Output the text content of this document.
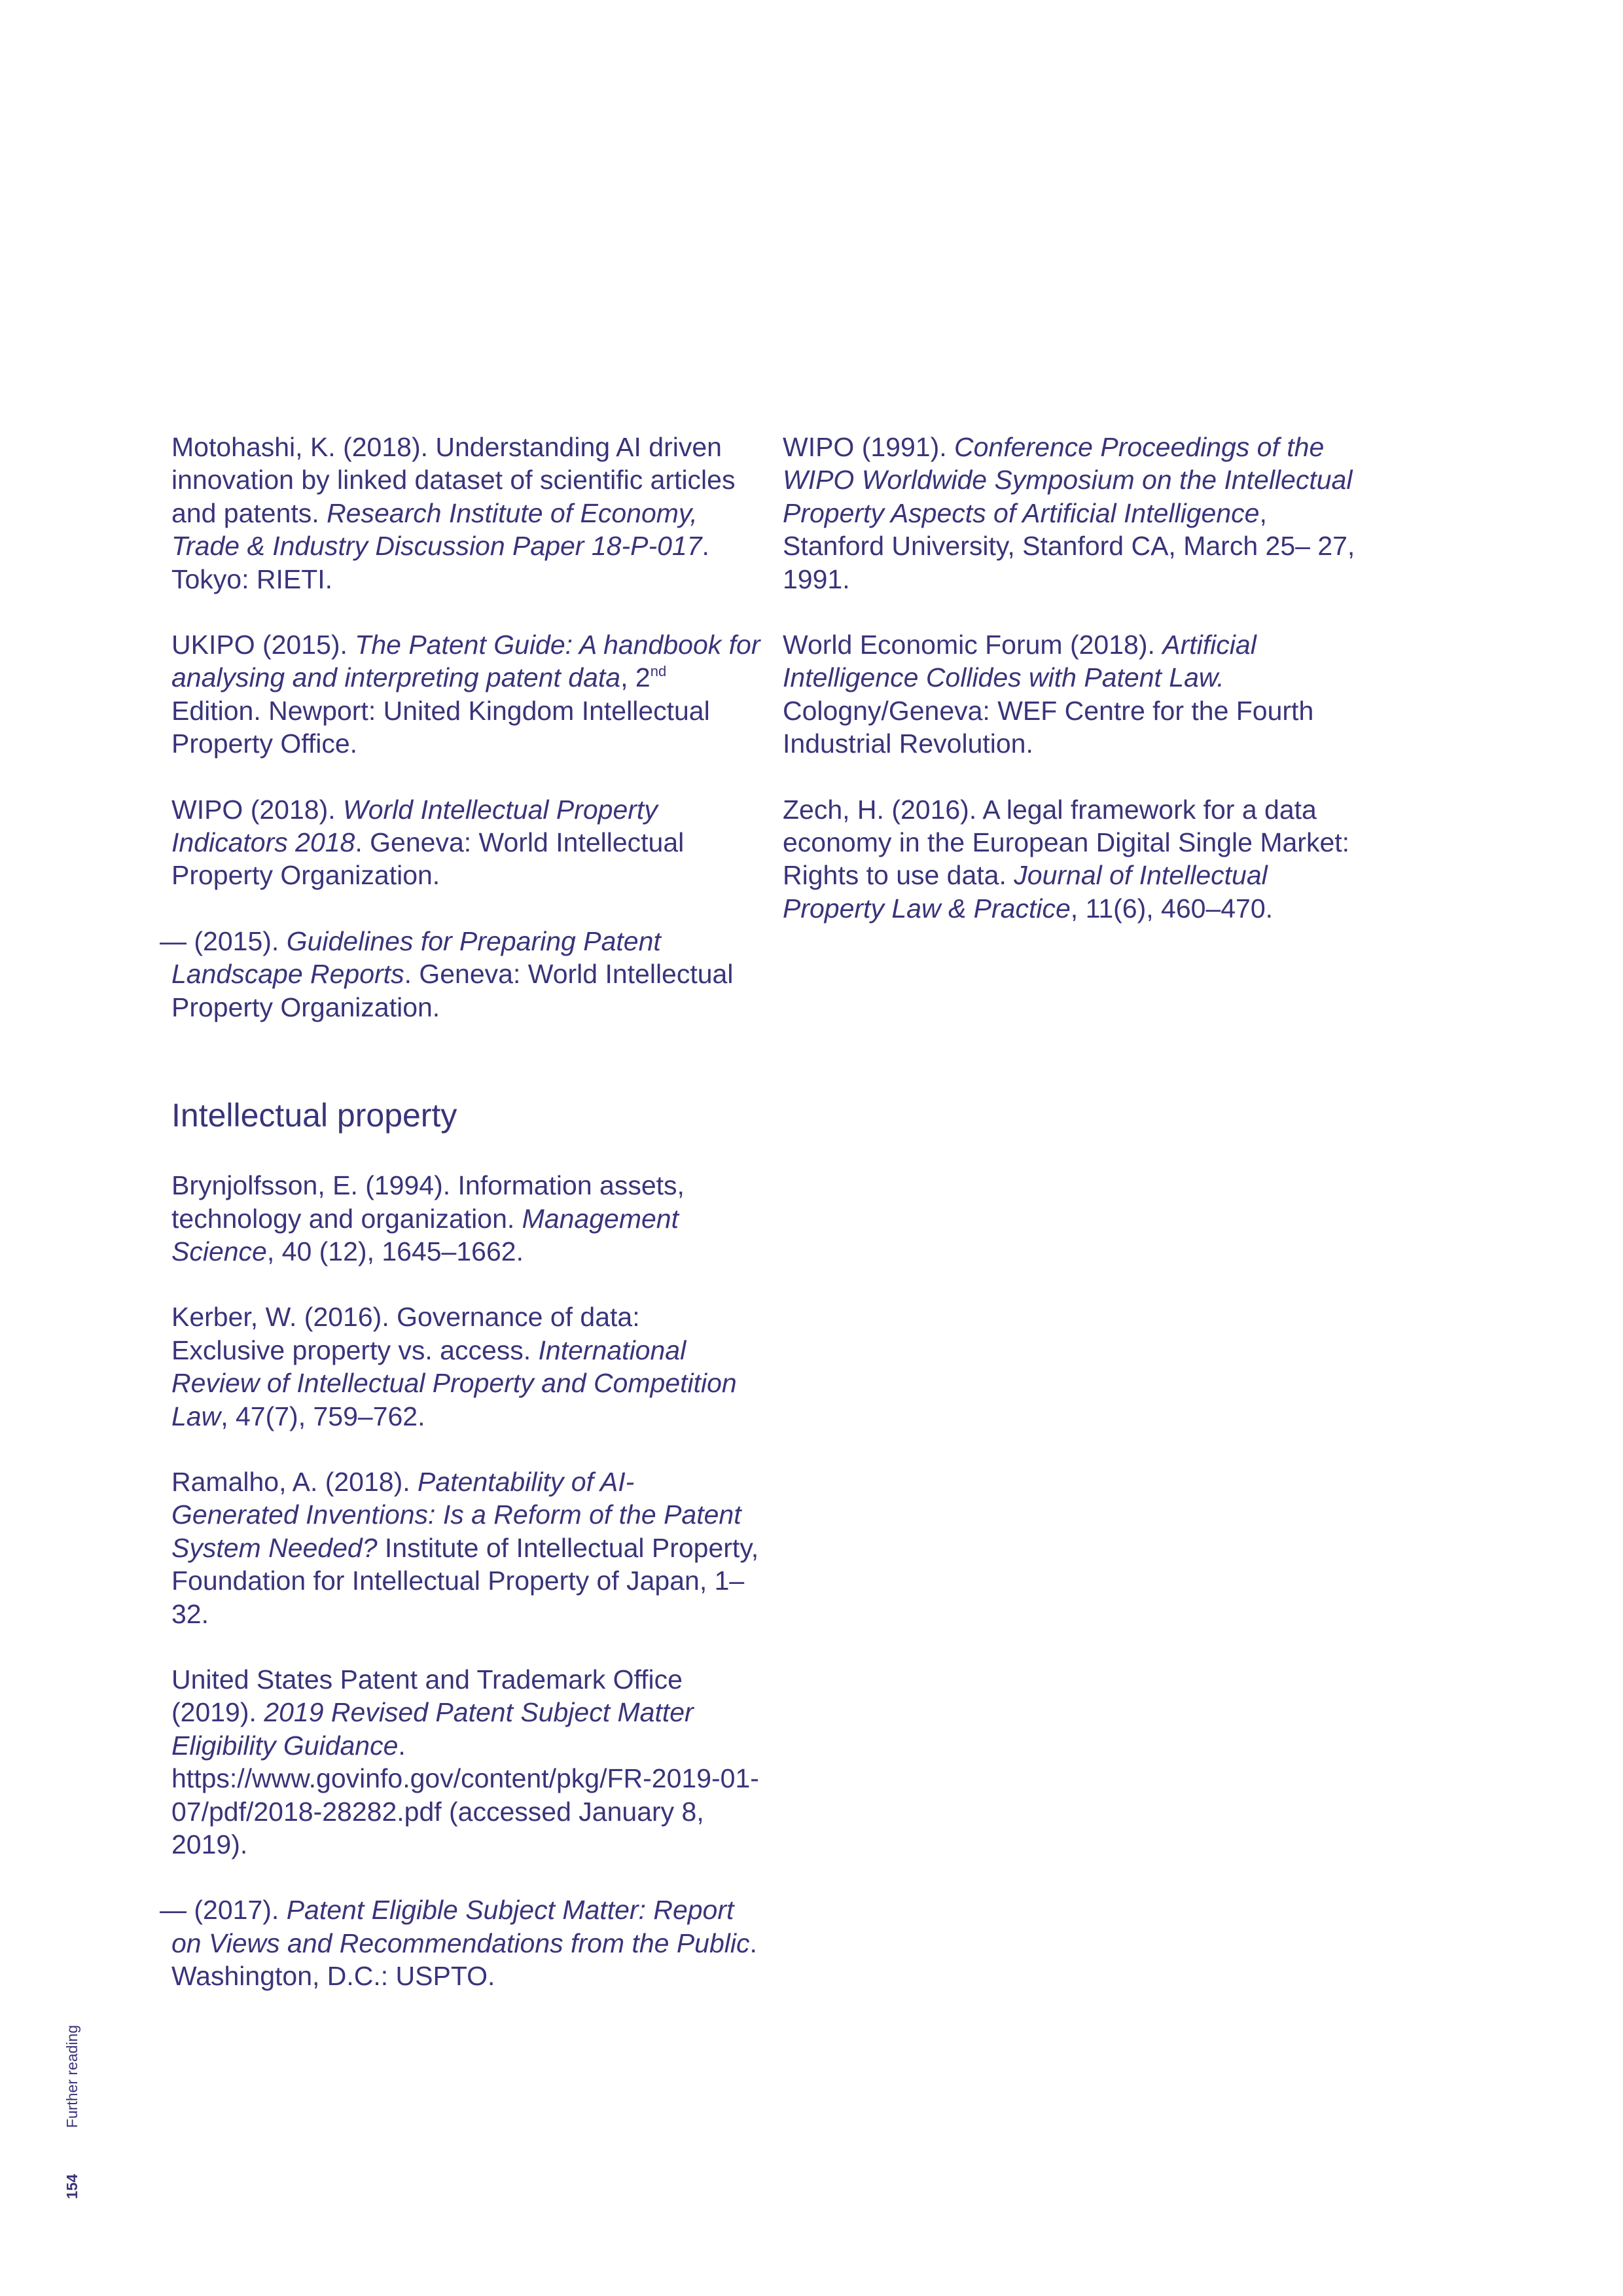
Motohashi, K. (2018). Understanding AI driven innovation by linked dataset of scientific articles and patents. Research Institute of Economy, Trade & Industry Discussion Paper 18-P-017. Tokyo: RIETI.

UKIPO (2015). The Patent Guide: A handbook for analysing and interpreting patent data, 2nd Edition. Newport: United Kingdom Intellectual Property Office.

WIPO (2018). World Intellectual Property Indicators 2018. Geneva: World Intellectual Property Organization.

— (2015). Guidelines for Preparing Patent Landscape Reports. Geneva: World Intellectual Property Organization.

Intellectual property

Brynjolfsson, E. (1994). Information assets, technology and organization. Management Science, 40 (12), 1645–1662.

Kerber, W. (2016). Governance of data: Exclusive property vs. access. International Review of Intellectual Property and Competition Law, 47(7), 759–762.

Ramalho, A. (2018). Patentability of AI-Generated Inventions: Is a Reform of the Patent System Needed? Institute of Intellectual Property, Foundation for Intellectual Property of Japan, 1–32.

United States Patent and Trademark Office (2019). 2019 Revised Patent Subject Matter Eligibility Guidance. https://www.govinfo.gov/content/pkg/FR-2019-01-07/pdf/2018-28282.pdf (accessed January 8, 2019).

— (2017). Patent Eligible Subject Matter: Report on Views and Recommendations from the Public. Washington, D.C.: USPTO.

WIPO (1991). Conference Proceedings of the WIPO Worldwide Symposium on the Intellectual Property Aspects of Artificial Intelligence, Stanford University, Stanford CA, March 25– 27, 1991.

World Economic Forum (2018). Artificial Intelligence Collides with Patent Law. Cologny/Geneva: WEF Centre for the Fourth Industrial Revolution.

Zech, H. (2016). A legal framework for a data economy in the European Digital Single Market: Rights to use data. Journal of Intellectual Property Law & Practice, 11(6), 460–470.

154 Further reading
